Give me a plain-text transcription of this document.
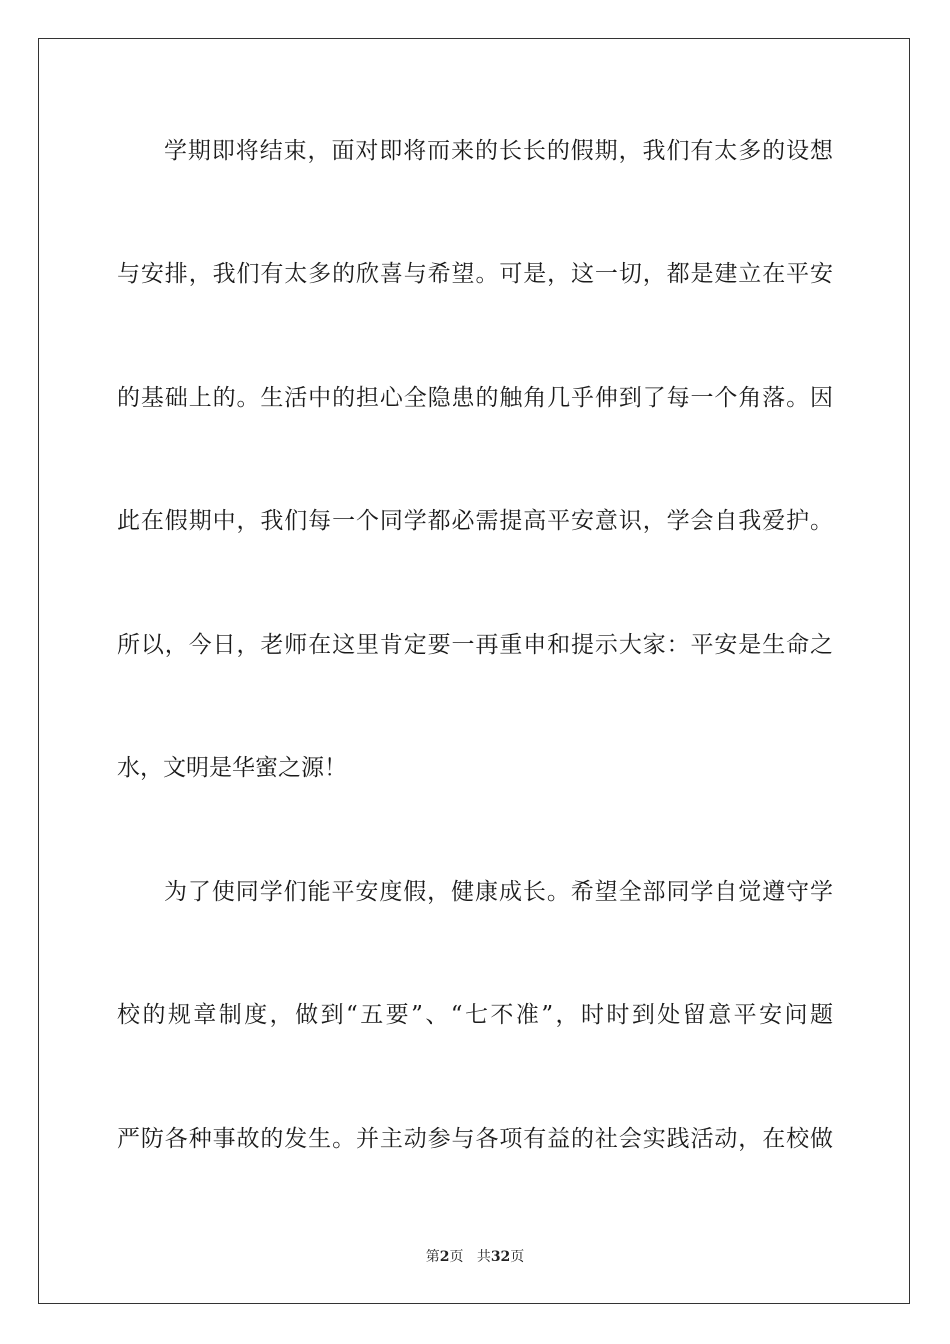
学期即将结束，面对即将而来的长长的假期，我们有太多的设想
与安排，我们有太多的欣喜与希望。可是，这一切，都是建立在平安
的基础上的。生活中的担心全隐患的触角几乎伸到了每一个角落。因
此在假期中，我们每一个同学都必需提高平安意识，学会自我爱护。
所以，今日，老师在这里肯定要一再重申和提示大家：平安是生命之
水，文明是华蜜之源！
为了使同学们能平安度假，健康成长。希望全部同学自觉遵守学
校的规章制度，做到“五要”、“七不准”，时时到处留意平安问题
严防各种事故的发生。并主动参与各项有益的社会实践活动，在校做
第2页 共32页
